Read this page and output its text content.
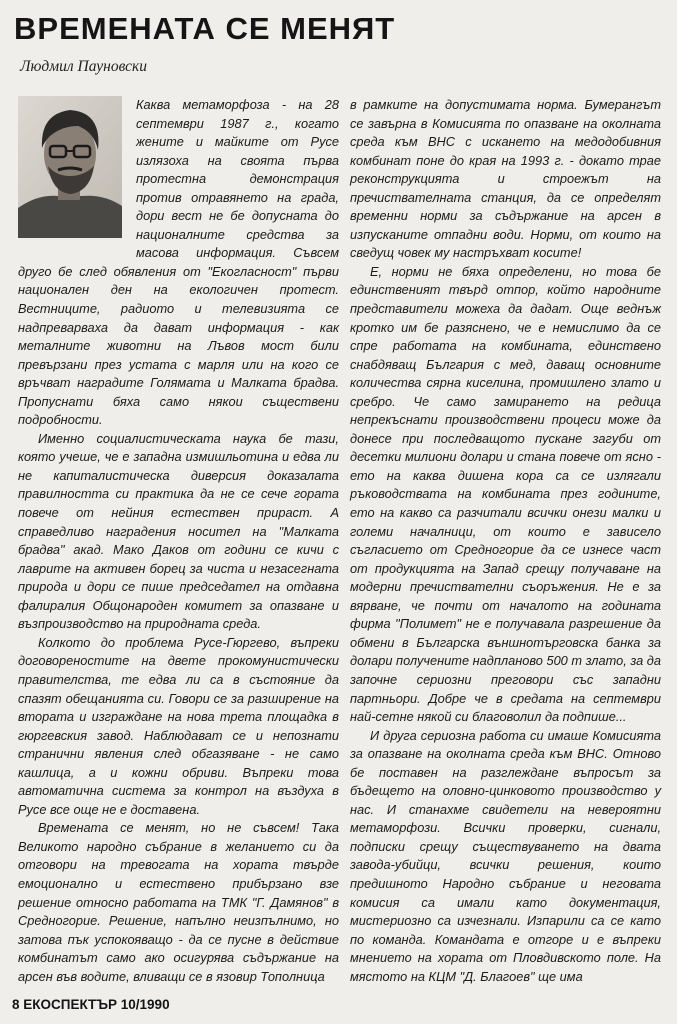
ВРЕМЕНАТА СЕ МЕНЯТ
Людмил Пауновски

Каква метаморфоза - на 28 септември 1987 г., когато жените и майките от Русе излязоха на своята първа протестна демонстрация против отравянето на града, дори вест не бе допусната до националните средства за масова информация. Съвсем друго бе след обявления от "Екогласност" първи национален ден на екологичен протест. Вестниците, радиото и телевизията се надпреварваха да дават информация - как металните животни на Лъвов мост били превързани през устата с марля или на кого се връчват наградите Голямата и Малката брадва. Пропуснати бяха само някои съществени подробности.

Именно социалистическата наука бе тази, която учеше, че е западна измишльотина и едва ли не капиталистическа диверсия доказалата правилността си практика да не се сече гората повече от нейния естествен прираст. А справедливо наградения носител на "Малката брадва" акад. Мако Даков от години се кичи с лаврите на активен борец за чиста и незасегната природа и дори се пише председател на отдавна фалиралия Общонароден комитет за опазване и възпроизводство на природната среда.

Колкото до проблема Русе-Гюргево, въпреки договореностите на двете прокомунистически правителства, те едва ли са в състояние да спазят обещанията си. Говори се за разширение на втората и изграждане на нова трета площадка в гюргевския завод. Наблюдават се и непознати странични явления след обгазяване - не само кашлица, а и кожни обриви. Въпреки това автоматична система за контрол на въздуха в Русе все още не е доставена.

Времената се менят, но не съвсем! Така Великото народно събрание в желанието си да отговори на тревогата на хората твърде емоционално и естествено прибързано взе решение относно работата на ТМК "Г. Дамянов" в Средногорие. Решение, напълно неизпълнимо, но затова пък успокояващо - да се пусне в действие комбинатът само ако осигурява съдържание на арсен във водите, вливащи се в язовир Тополница

в рамките на допустимата норма. Бумерангът се завърна в Комисията по опазване на околната среда към ВНС с искането на медодобивния комбинат поне до края на 1993 г. - докато трае реконструкцията и строежът на пречиствателната станция, да се определят временни норми за съдържание на арсен в изпусканите отпадни води. Норми, от които на сведущ човек му настръхват косите!

Е, норми не бяха определени, но това бе единственият твърд отпор, който народните представители можеха да дадат. Още веднъж кротко им бе разяснено, че е немислимо да се спре работата на комбината, единствено снабдяващ България с мед, даващ основните количества сярна киселина, промишлено злато и сребро. Че само замирането на редица непрекъснати производствени процеси може да донесе при последващото пускане загуби от десетки милиони долари и стана повече от ясно - ето на каква дишена кора са се излягали ръководствата на комбината през годините, ето на какво са разчитали всички онези малки и големи началници, от които е зависело съгласието от Средногорие да се изнесе част от продукцията на Запад срещу получаване на модерни пречиствателни съоръжения. Не е за вярване, че почти от началото на годината фирма "Полимет" не е получавала разрешение да обмени в Българска външнотърговска банка за долари получените надпланово 500 т злато, за да започне сериозни преговори със западни партньори. Добре че в средата на септември най-сетне някой си благоволил да подпише...

И друга сериозна работа си имаше Комисията за опазване на околната среда към ВНС. Отново бе поставен на разглеждане въпросът за бъдещето на оловно-цинковото производство у нас. И станахме свидетели на невероятни метаморфози. Всички проверки, сигнали, подписки срещу съществуването на двата завода-убийци, всички решения, които предишното Народно събрание и неговата комисия са имали като документация, мистериозно са изчезнали. Изпарили са се като по команда. Командата е отгоре и е въпреки мнението на хората от Пловдивското поле. На мястото на КЦМ "Д. Благоев" ще има

8 ЕКОСПЕКТЪР 10/1990
